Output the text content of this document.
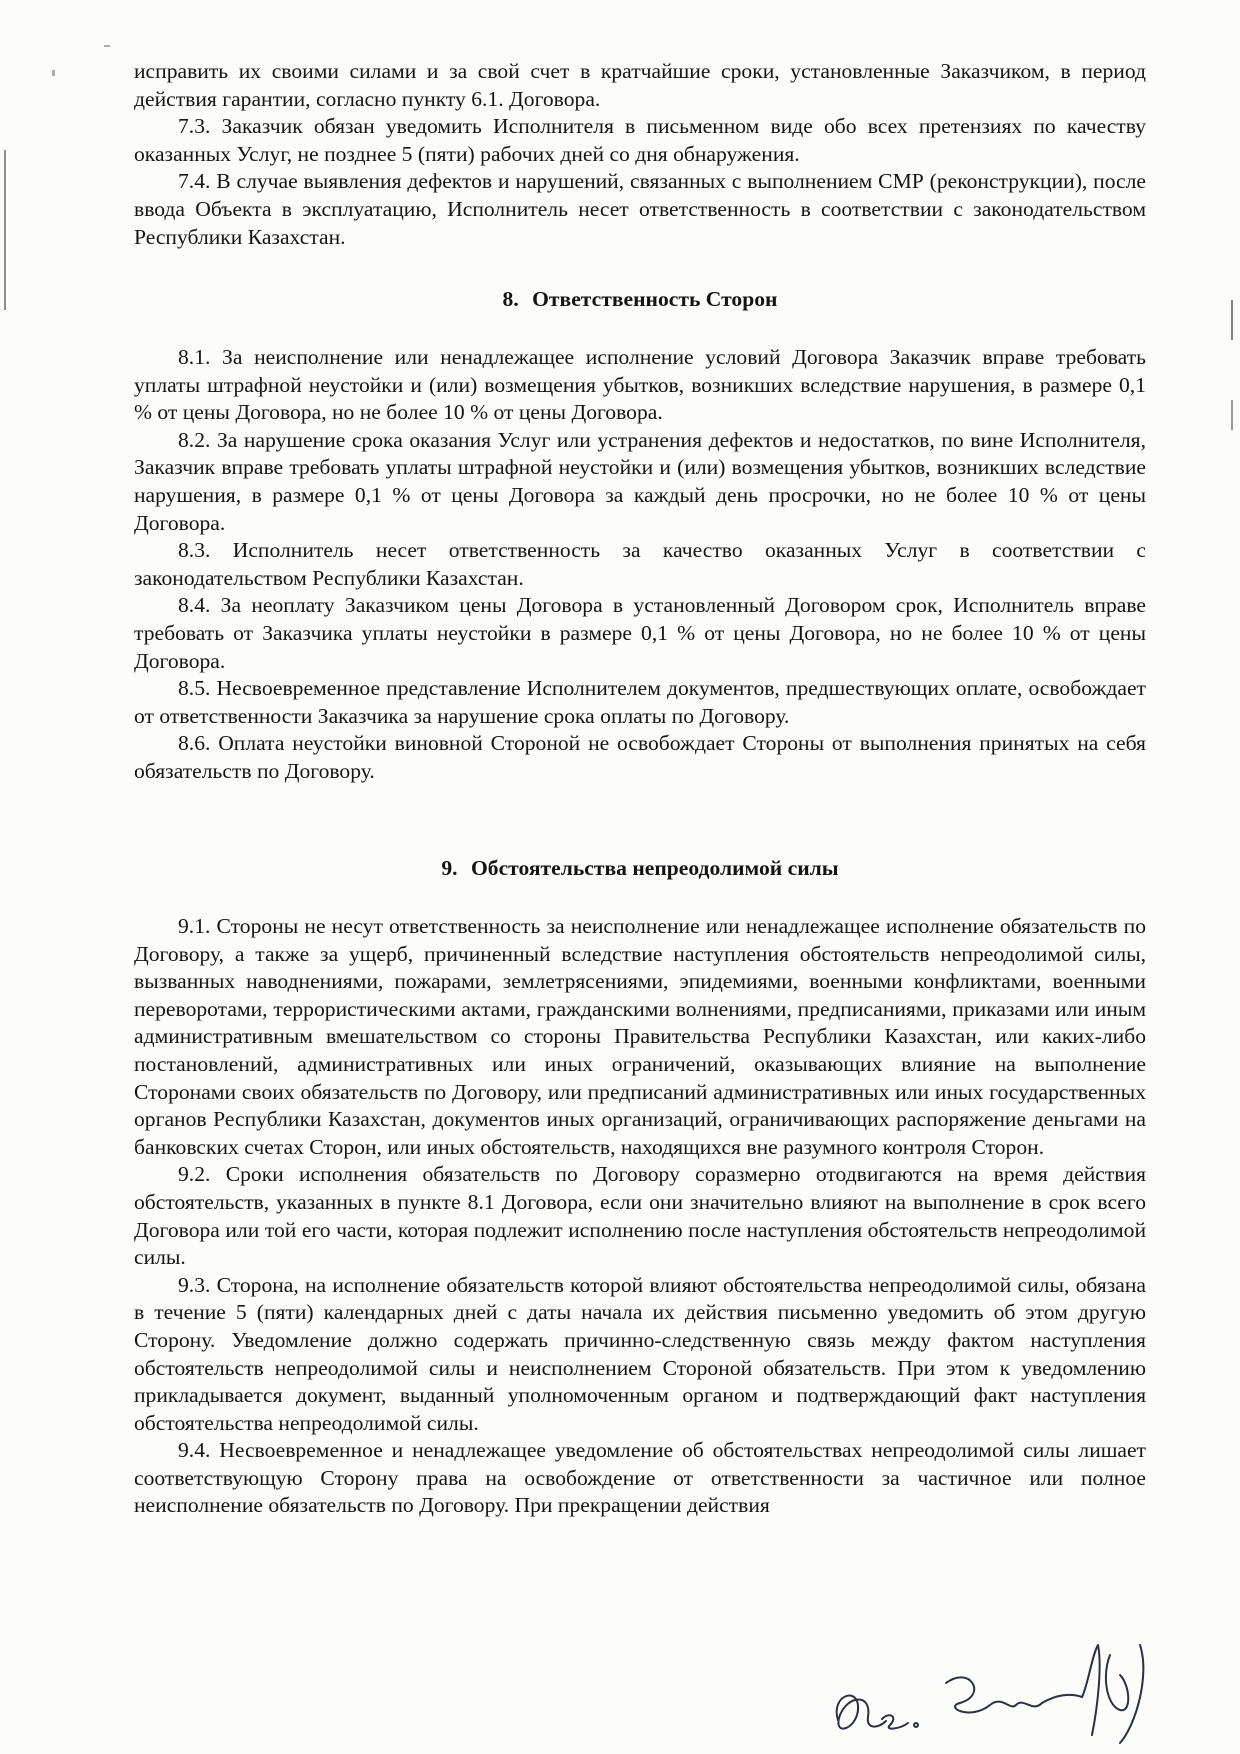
исправить их своими силами и за свой счет в кратчайшие сроки, установленные Заказчиком, в период действия гарантии, согласно пункту 6.1. Договора.

7.3. Заказчик обязан уведомить Исполнителя в письменном виде обо всех претензиях по качеству оказанных Услуг, не позднее 5 (пяти) рабочих дней со дня обнаружения.

7.4. В случае выявления дефектов и нарушений, связанных с выполнением СМР (реконструкции), после ввода Объекта в эксплуатацию, Исполнитель несет ответственность в соответствии с законодательством Республики Казахстан.

8. Ответственность Сторон

8.1. За неисполнение или ненадлежащее исполнение условий Договора Заказчик вправе требовать уплаты штрафной неустойки и (или) возмещения убытков, возникших вследствие нарушения, в размере 0,1 % от цены Договора, но не более 10 % от цены Договора.

8.2. За нарушение срока оказания Услуг или устранения дефектов и недостатков, по вине Исполнителя, Заказчик вправе требовать уплаты штрафной неустойки и (или) возмещения убытков, возникших вследствие нарушения, в размере 0,1 % от цены Договора за каждый день просрочки, но не более 10 % от цены Договора.

8.3. Исполнитель несет ответственность за качество оказанных Услуг в соответствии с законодательством Республики Казахстан.

8.4. За неоплату Заказчиком цены Договора в установленный Договором срок, Исполнитель вправе требовать от Заказчика уплаты неустойки в размере 0,1 % от цены Договора, но не более 10 % от цены Договора.

8.5. Несвоевременное представление Исполнителем документов, предшествующих оплате, освобождает от ответственности Заказчика за нарушение срока оплаты по Договору.

8.6. Оплата неустойки виновной Стороной не освобождает Стороны от выполнения принятых на себя обязательств по Договору.

9. Обстоятельства непреодолимой силы

9.1. Стороны не несут ответственность за неисполнение или ненадлежащее исполнение обязательств по Договору, а также за ущерб, причиненный вследствие наступления обстоятельств непреодолимой силы, вызванных наводнениями, пожарами, землетрясениями, эпидемиями, военными конфликтами, военными переворотами, террористическими актами, гражданскими волнениями, предписаниями, приказами или иным административным вмешательством со стороны Правительства Республики Казахстан, или каких-либо постановлений, административных или иных ограничений, оказывающих влияние на выполнение Сторонами своих обязательств по Договору, или предписаний административных или иных государственных органов Республики Казахстан, документов иных организаций, ограничивающих распоряжение деньгами на банковских счетах Сторон, или иных обстоятельств, находящихся вне разумного контроля Сторон.

9.2. Сроки исполнения обязательств по Договору соразмерно отодвигаются на время действия обстоятельств, указанных в пункте 8.1 Договора, если они значительно влияют на выполнение в срок всего Договора или той его части, которая подлежит исполнению после наступления обстоятельств непреодолимой силы.

9.3. Сторона, на исполнение обязательств которой влияют обстоятельства непреодолимой силы, обязана в течение 5 (пяти) календарных дней с даты начала их действия письменно уведомить об этом другую Сторону. Уведомление должно содержать причинно-следственную связь между фактом наступления обстоятельств непреодолимой силы и неисполнением Стороной обязательств. При этом к уведомлению прикладывается документ, выданный уполномоченным органом и подтверждающий факт наступления обстоятельства непреодолимой силы.

9.4. Несвоевременное и ненадлежащее уведомление об обстоятельствах непреодолимой силы лишает соответствующую Сторону права на освобождение от ответственности за частичное или полное неисполнение обязательств по Договору. При прекращении действия
